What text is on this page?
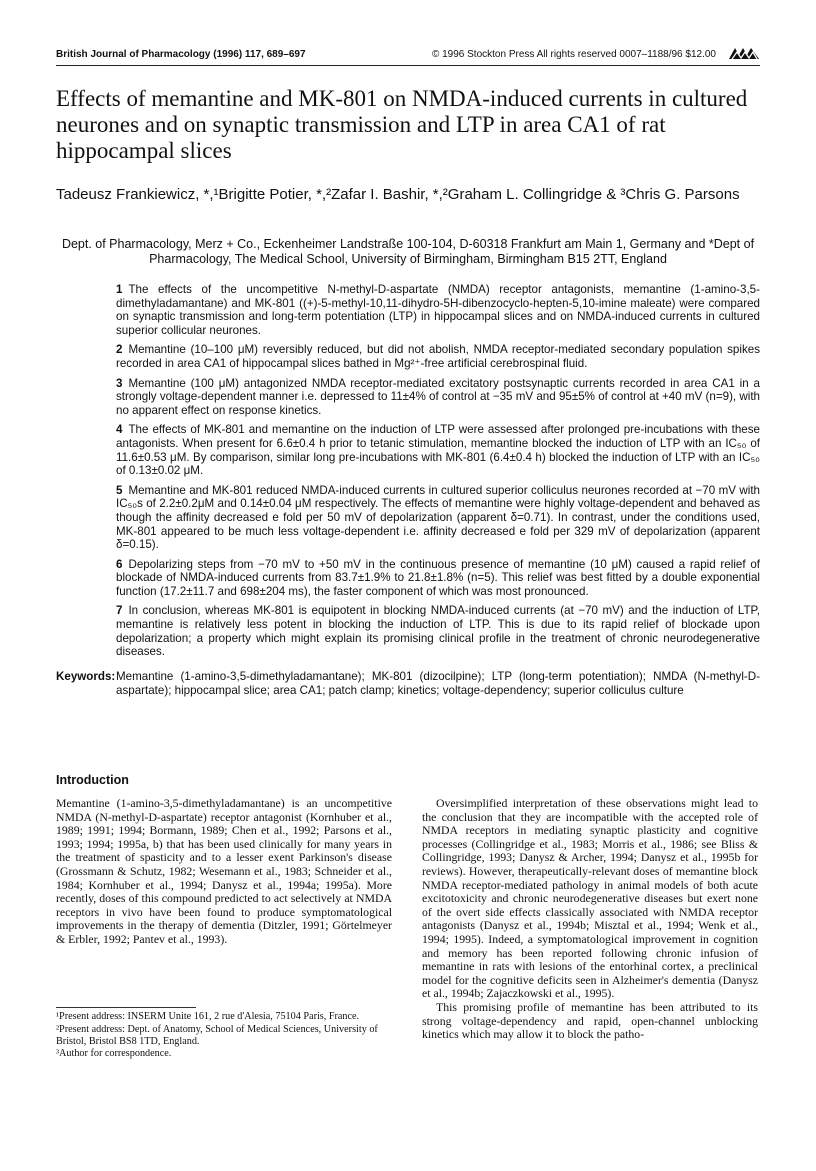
British Journal of Pharmacology (1996) 117, 689–697	© 1996 Stockton Press All rights reserved 0007–1188/96 $12.00
Effects of memantine and MK-801 on NMDA-induced currents in cultured neurones and on synaptic transmission and LTP in area CA1 of rat hippocampal slices
Tadeusz Frankiewicz, *,¹Brigitte Potier, *,²Zafar I. Bashir, *,²Graham L. Collingridge & ³Chris G. Parsons
Dept. of Pharmacology, Merz + Co., Eckenheimer Landstraße 100-104, D-60318 Frankfurt am Main 1, Germany and *Dept of Pharmacology, The Medical School, University of Birmingham, Birmingham B15 2TT, England

1 The effects of the uncompetitive N-methyl-D-aspartate (NMDA) receptor antagonists, memantine (1-amino-3,5-dimethyladamantane) and MK-801 ((+)-5-methyl-10,11-dihydro-5H-dibenzocyclo-hepten-5,10-imine maleate) were compared on synaptic transmission and long-term potentiation (LTP) in hippocampal slices and on NMDA-induced currents in cultured superior collicular neurones.

2 Memantine (10–100 μM) reversibly reduced, but did not abolish, NMDA receptor-mediated secondary population spikes recorded in area CA1 of hippocampal slices bathed in Mg²⁺-free artificial cerebrospinal fluid.

3 Memantine (100 μM) antagonized NMDA receptor-mediated excitatory postsynaptic currents recorded in area CA1 in a strongly voltage-dependent manner i.e. depressed to 11±4% of control at −35 mV and 95±5% of control at +40 mV (n=9), with no apparent effect on response kinetics.

4 The effects of MK-801 and memantine on the induction of LTP were assessed after prolonged pre-incubations with these antagonists. When present for 6.6±0.4 h prior to tetanic stimulation, memantine blocked the induction of LTP with an IC₅₀ of 11.6±0.53 μM. By comparison, similar long pre-incubations with MK-801 (6.4±0.4 h) blocked the induction of LTP with an IC₅₀ of 0.13±0.02 μM.

5 Memantine and MK-801 reduced NMDA-induced currents in cultured superior colliculus neurones recorded at −70 mV with IC₅₀s of 2.2±0.2μM and 0.14±0.04 μM respectively. The effects of memantine were highly voltage-dependent and behaved as though the affinity decreased e fold per 50 mV of depolarization (apparent δ=0.71). In contrast, under the conditions used, MK-801 appeared to be much less voltage-dependent i.e. affinity decreased e fold per 329 mV of depolarization (apparent δ=0.15).

6 Depolarizing steps from −70 mV to +50 mV in the continuous presence of memantine (10 μM) caused a rapid relief of blockade of NMDA-induced currents from 83.7±1.9% to 21.8±1.8% (n=5). This relief was best fitted by a double exponential function (17.2±11.7 and 698±204 ms), the faster component of which was most pronounced.

7 In conclusion, whereas MK-801 is equipotent in blocking NMDA-induced currents (at −70 mV) and the induction of LTP, memantine is relatively less potent in blocking the induction of LTP. This is due to its rapid relief of blockade upon depolarization; a property which might explain its promising clinical profile in the treatment of chronic neurodegenerative diseases.

Keywords: Memantine (1-amino-3,5-dimethyladamantane); MK-801 (dizocilpine); LTP (long-term potentiation); NMDA (N-methyl-D-aspartate); hippocampal slice; area CA1; patch clamp; kinetics; voltage-dependency; superior colliculus culture
Introduction

Memantine (1-amino-3,5-dimethyladamantane) is an uncompetitive NMDA (N-methyl-D-aspartate) receptor antagonist (Kornhuber et al., 1989; 1991; 1994; Bormann, 1989; Chen et al., 1992; Parsons et al., 1993; 1994; 1995a, b) that has been used clinically for many years in the treatment of spasticity and to a lesser exent Parkinson's disease (Grossmann & Schutz, 1982; Wesemann et al., 1983; Schneider et al., 1984; Kornhuber et al., 1994; Danysz et al., 1994a; 1995a). More recently, doses of this compound predicted to act selectively at NMDA receptors in vivo have been found to produce symptomatological improvements in the therapy of dementia (Ditzler, 1991; Görtelmeyer & Erbler, 1992; Pantev et al., 1993).

Oversimplified interpretation of these observations might lead to the conclusion that they are incompatible with the accepted role of NMDA receptors in mediating synaptic plasticity and cognitive processes (Collingridge et al., 1983; Morris et al., 1986; see Bliss & Collingridge, 1993; Danysz & Archer, 1994; Danysz et al., 1995b for reviews). However, therapeutically-relevant doses of memantine block NMDA receptor-mediated pathology in animal models of both acute excitotoxicity and chronic neurodegenerative diseases but exert none of the overt side effects classically associated with NMDA receptor antagonists (Danysz et al., 1994b; Misztal et al., 1994; Wenk et al., 1994; 1995). Indeed, a symptomatological improvement in cognition and memory has been reported following chronic infusion of memantine in rats with lesions of the entorhinal cortex, a preclinical model for the cognitive deficits seen in Alzheimer's dementia (Danysz et al., 1994b; Zajaczkowski et al., 1995).

This promising profile of memantine has been attributed to its strong voltage-dependency and rapid, open-channel unblocking kinetics which may allow it to block the patho-

¹Present address: INSERM Unite 161, 2 rue d'Alesia, 75104 Paris, France.

²Present address: Dept. of Anatomy, School of Medical Sciences, University of Bristol, Bristol BS8 1TD, England.

³Author for correspondence.
